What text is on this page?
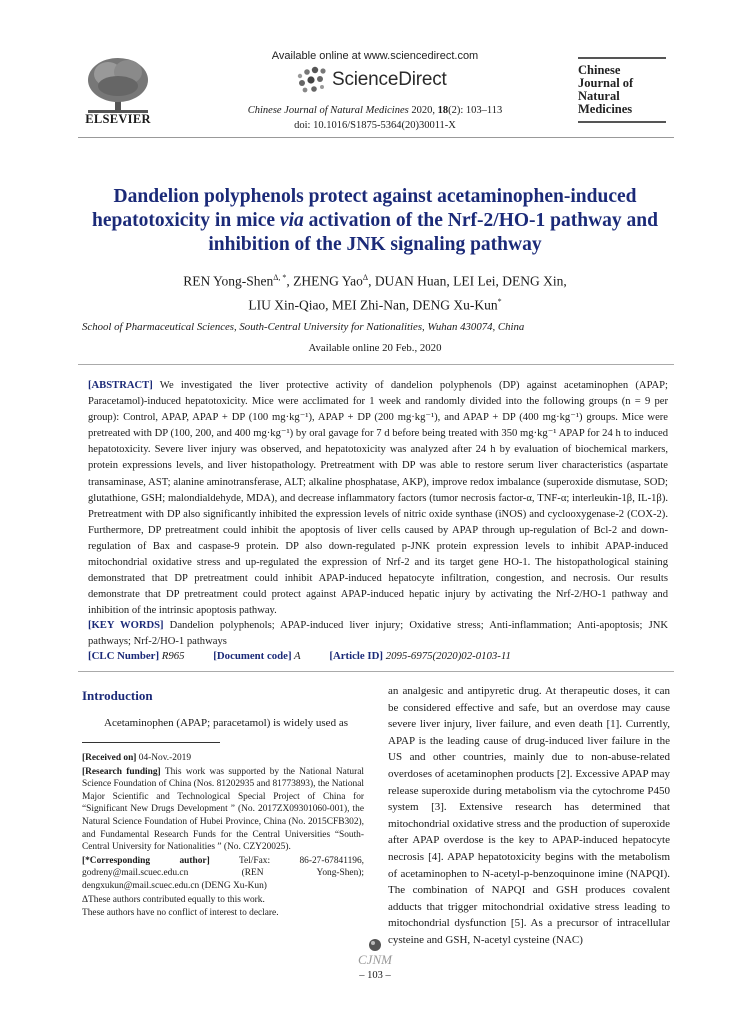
ELSEVIER
Available online at www.sciencedirect.com
ScienceDirect
Chinese Journal of Natural Medicines 2020, 18(2): 103–113
doi: 10.1016/S1875-5364(20)30011-X
Chinese
Journal of
Natural
Medicines
Dandelion polyphenols protect against acetaminophen-induced hepatotoxicity in mice via activation of the Nrf-2/HO-1 pathway and inhibition of the JNK signaling pathway
REN Yong-Shen$^{\Delta, *}$, ZHENG Yao$^\Delta$, DUAN Huan, LEI Lei, DENG Xin,
LIU Xin-Qiao, MEI Zhi-Nan, DENG Xu-Kun*
School of Pharmaceutical Sciences, South-Central University for Nationalities, Wuhan 430074, China
Available online 20 Feb., 2020
[ABSTRACT] We investigated the liver protective activity of dandelion polyphenols (DP) against acetaminophen (APAP; Paracetamol)-induced hepatotoxicity. Mice were acclimated for 1 week and randomly divided into the following groups (n = 9 per group): Control, APAP, APAP + DP (100 mg·kg⁻¹), APAP + DP (200 mg·kg⁻¹), and APAP + DP (400 mg·kg⁻¹) groups. Mice were pretreated with DP (100, 200, and 400 mg·kg⁻¹) by oral gavage for 7 d before being treated with 350 mg·kg⁻¹ APAP for 24 h to induced hepatotoxicity. Severe liver injury was observed, and hepatotoxicity was analyzed after 24 h by evaluation of biochemical markers, protein expressions levels, and liver histopathology. Pretreatment with DP was able to restore serum liver characteristics (aspartate transaminase, AST; alanine aminotransferase, ALT; alkaline phosphatase, AKP), improve redox imbalance (superoxide dismutase, SOD; glutathione, GSH; malondialdehyde, MDA), and decrease inflammatory factors (tumor necrosis factor-α, TNF-α; interleukin-1β, IL-1β). Pretreatment with DP also significantly inhibited the expression levels of nitric oxide synthase (iNOS) and cyclooxygenase-2 (COX-2). Furthermore, DP pretreatment could inhibit the apoptosis of liver cells caused by APAP through up-regulation of Bcl-2 and down-regulation of Bax and caspase-9 protein. DP also down-regulated p-JNK protein expression levels to inhibit APAP-induced mitochondrial oxidative stress and up-regulated the expression of Nrf-2 and its target gene HO-1. The histopathological staining demonstrated that DP pretreatment could inhibit APAP-induced hepatocyte infiltration, congestion, and necrosis. Our results demonstrate that DP pretreatment could protect against APAP-induced hepatic injury by activating the Nrf-2/HO-1 pathway and inhibition of the intrinsic apoptosis pathway.
[KEY WORDS] Dandelion polyphenols; APAP-induced liver injury; Oxidative stress; Anti-inflammation; Anti-apoptosis; JNK pathways; Nrf-2/HO-1 pathways
[CLC Number] R965	[Document code] A	[Article ID] 2095-6975(2020)02-0103-11
Introduction
Acetaminophen (APAP; paracetamol) is widely used as

[Received on] 04-Nov.-2019

[Research funding] This work was supported by the National Natural Science Foundation of China (Nos. 81202935 and 81773893), the National Major Scientific and Technological Special Project of China for “Significant New Drugs Development ” (No. 2017ZX09301060-001), the Natural Science Foundation of Hubei Province, China (No. 2015CFB302), and Fundamental Research Funds for the Central Universities “South-Central University for Nationalities ” (No. CZY20025).

[*Corresponding author] Tel/Fax: 86-27-67841196, godreny@mail.scuec.edu.cn (REN Yong-Shen); dengxukun@mail.scuec.edu.cn (DENG Xu-Kun)

ΔThese authors contributed equally to this work.

These authors have no conflict of interest to declare.

an analgesic and antipyretic drug. At therapeutic doses, it can be considered effective and safe, but an overdose may cause severe liver injury, liver failure, and even death [1]. Currently, APAP is the leading cause of drug-induced liver failure in the US and other countries, mainly due to non-abuse-related overdoses of acetaminophen products [2]. Excessive APAP may release superoxide during metabolism via the cytochrome P450 system [3]. Extensive research has determined that mitochondrial oxidative stress and the production of superoxide after APAP overdose is the key to APAP-induced hepatocyte necrosis [4]. APAP hepatotoxicity begins with the metabolism of acetaminophen to N-acetyl-p-benzoquinone imine (NAPQI). The combination of NAPQI and GSH produces covalent adducts that trigger mitochondrial oxidative stress leading to mitochondrial dysfunction [5]. As a precursor of intracellular cysteine and GSH, N-acetyl cysteine (NAC)
CJNM
– 103 –
